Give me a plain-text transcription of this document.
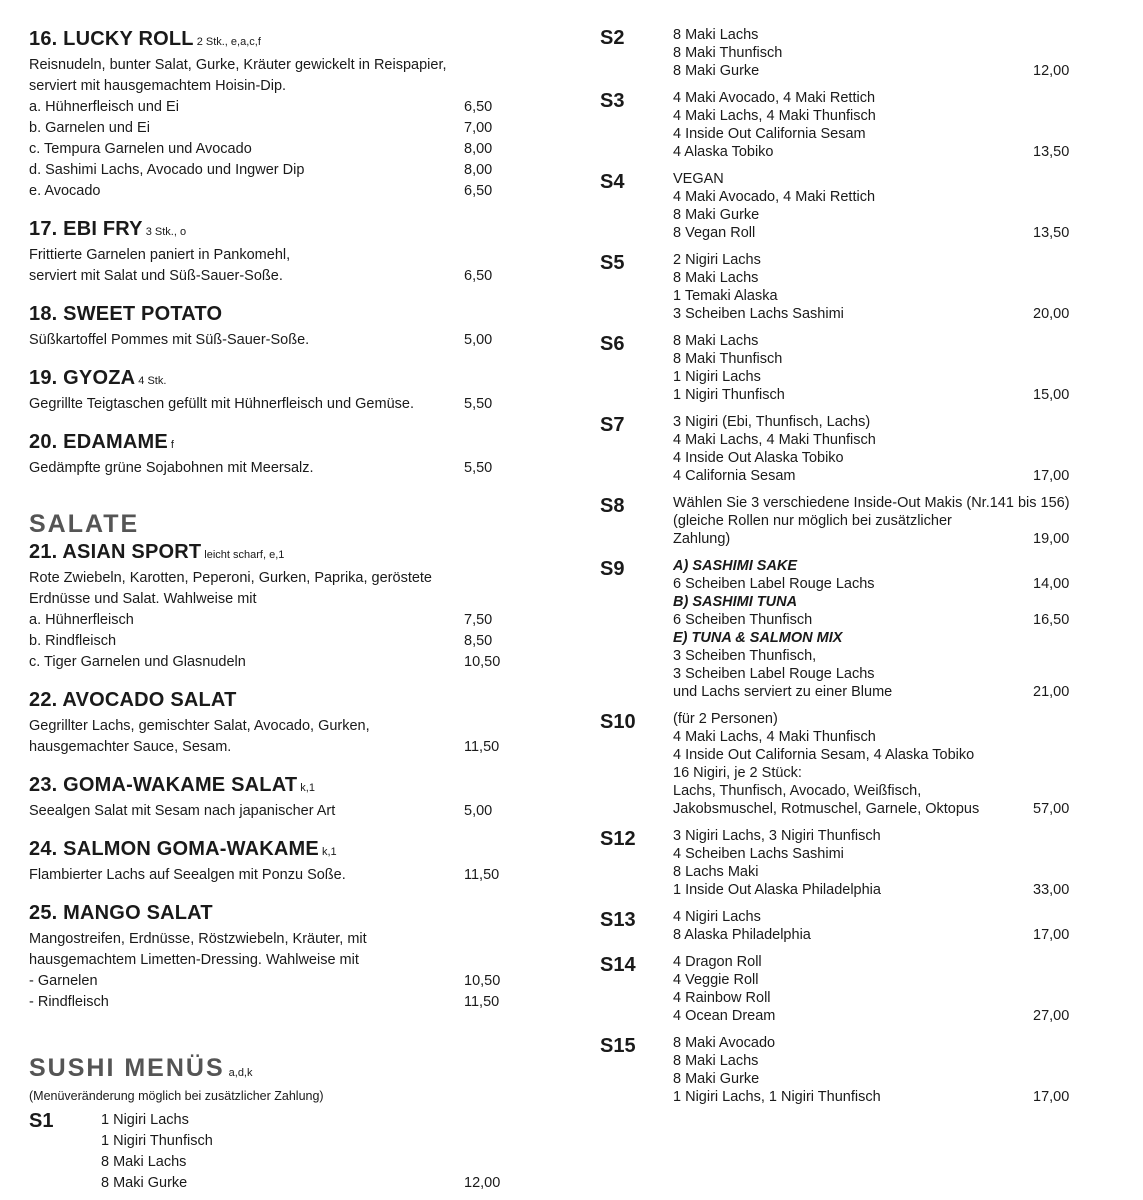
16. LUCKY ROLL 2 Stk., e,a,c,f
Reisnudeln, bunter Salat, Gurke, Kräuter gewickelt in Reispapier, serviert mit hausgemachtem Hoisin-Dip.
a. Hühnerfleisch und Ei	6,50
b. Garnelen und Ei	7,00
c. Tempura Garnelen und Avocado	8,00
d. Sashimi Lachs, Avocado und Ingwer Dip	8,00
e. Avocado	6,50
17. EBI FRY 3 Stk., o
Frittierte Garnelen paniert in Pankomehl,
serviert mit Salat und Süß-Sauer-Soße.	6,50
18. SWEET POTATO
Süßkartoffel Pommes mit Süß-Sauer-Soße.	5,00
19. GYOZA 4 Stk.
Gegrillte Teigtaschen gefüllt mit Hühnerfleisch und Gemüse.	5,50
20. EDAMAME f
Gedämpfte grüne Sojabohnen mit Meersalz.	5,50
SALATE
21. ASIAN SPORT leicht scharf, e,1
Rote Zwiebeln, Karotten, Peperoni, Gurken, Paprika, geröstete Erdnüsse und Salat. Wahlweise mit
a. Hühnerfleisch	7,50
b. Rindfleisch	8,50
c. Tiger Garnelen und Glasnudeln	10,50
22. AVOCADO SALAT
Gegrillter Lachs, gemischter Salat, Avocado, Gurken,
hausgemachter Sauce, Sesam.	11,50
23. GOMA-WAKAME SALAT k,1
Seealgen Salat mit Sesam nach japanischer Art	5,00
24. SALMON GOMA-WAKAME k,1
Flambierter Lachs auf Seealgen mit Ponzu Soße.	11,50
25. MANGO SALAT
Mangostreifen, Erdnüsse, Röstzwiebeln, Kräuter, mit hausgemachtem Limetten-Dressing. Wahlweise mit
- Garnelen	10,50
- Rindfleisch	11,50
SUSHI MENÜS a,d,k
(Menüveränderung möglich bei zusätzlicher Zahlung)
S1	1 Nigiri Lachs
1 Nigiri Thunfisch
8 Maki Lachs
8 Maki Gurke	12,00
S2	8 Maki Lachs
8 Maki Thunfisch
8 Maki Gurke	12,00
S3	4 Maki Avocado, 4 Maki Rettich
4 Maki Lachs, 4 Maki Thunfisch
4 Inside Out California Sesam
4 Alaska Tobiko	13,50
S4	VEGAN
4 Maki Avocado, 4 Maki Rettich
8 Maki Gurke
8 Vegan Roll	13,50
S5	2 Nigiri Lachs
8 Maki Lachs
1 Temaki Alaska
3 Scheiben Lachs Sashimi	20,00
S6	8 Maki Lachs
8 Maki Thunfisch
1 Nigiri Lachs
1 Nigiri Thunfisch	15,00
S7	3 Nigiri (Ebi, Thunfisch, Lachs)
4 Maki Lachs, 4 Maki Thunfisch
4 Inside Out Alaska Tobiko
4 California Sesam	17,00
S8	Wählen Sie 3 verschiedene Inside-Out Makis (Nr.141 bis 156)
(gleiche Rollen nur möglich bei zusätzlicher
Zahlung)	19,00
S9	A) SASHIMI SAKE
6 Scheiben Label Rouge Lachs	14,00
B) SASHIMI TUNA
6 Scheiben Thunfisch	16,50
E) TUNA & SALMON MIX
3 Scheiben Thunfisch,
3 Scheiben Label Rouge Lachs
und Lachs serviert zu einer Blume	21,00
S10	(für 2 Personen)
4 Maki Lachs, 4 Maki Thunfisch
4 Inside Out California Sesam, 4 Alaska Tobiko
16 Nigiri, je 2 Stück:
Lachs, Thunfisch, Avocado, Weißfisch,
Jakobsmuschel, Rotmuschel, Garnele, Oktopus	57,00
S12	3 Nigiri Lachs, 3 Nigiri Thunfisch
4 Scheiben Lachs Sashimi
8 Lachs Maki
1 Inside Out Alaska Philadelphia	33,00
S13	4 Nigiri Lachs
8 Alaska Philadelphia	17,00
S14	4 Dragon Roll
4 Veggie Roll
4 Rainbow Roll
4 Ocean Dream	27,00
S15	8 Maki Avocado
8 Maki Lachs
8 Maki Gurke
1 Nigiri Lachs, 1 Nigiri Thunfisch	17,00
